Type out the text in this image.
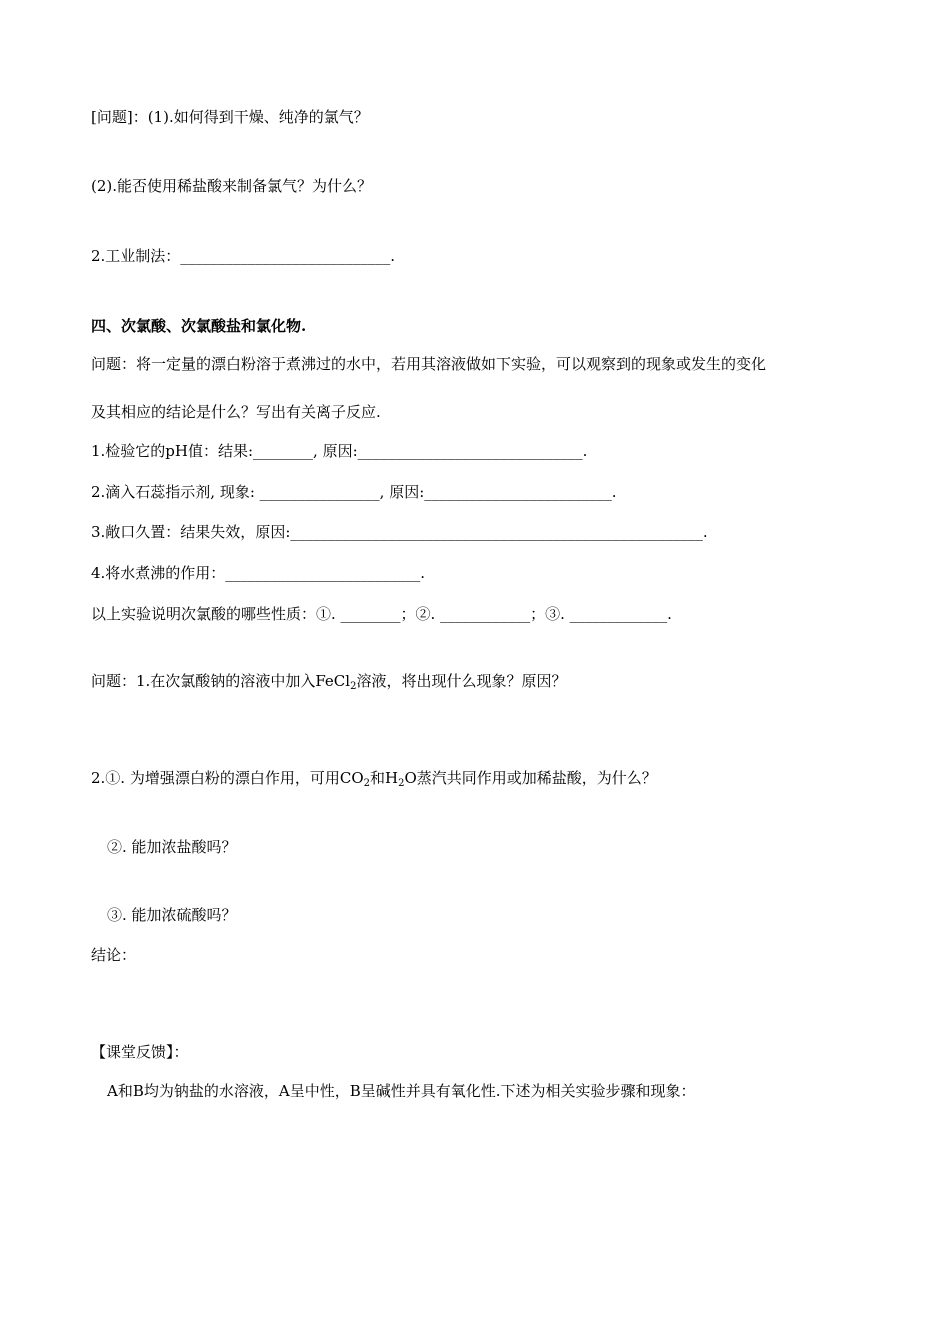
[问题]：(1).如何得到干燥、纯净的氯气？
(2).能否使用稀盐酸来制备氯气？为什么？
2.工业制法：____________________________.
四、次氯酸、次氯酸盐和氯化物.
问题：将一定量的漂白粉溶于煮沸过的水中，若用其溶液做如下实验，可以观察到的现象或发生的变化
及其相应的结论是什么？写出有关离子反应.
1.检验它的pH值：结果:________, 原因:______________________________.
2.滴入石蕊指示剂, 现象: ________________, 原因:_________________________.
3.敞口久置：结果失效，原因:_______________________________________________________.
4.将水煮沸的作用：__________________________.
以上实验说明次氯酸的哪些性质：①. ________；②. ____________；③. _____________.
问题：1.在次氯酸钠的溶液中加入FeCl$_2$溶液，将出现什么现象？原因？
2.①. 为增强漂白粉的漂白作用，可用$CO_2$和$H_2O$蒸汽共同作用或加稀盐酸，为什么？
②. 能加浓盐酸吗？
③. 能加浓硫酸吗？
结论：
【课堂反馈】：
A和B均为钠盐的水溶液，A呈中性，B呈碱性并具有氧化性.下述为相关实验步骤和现象：
